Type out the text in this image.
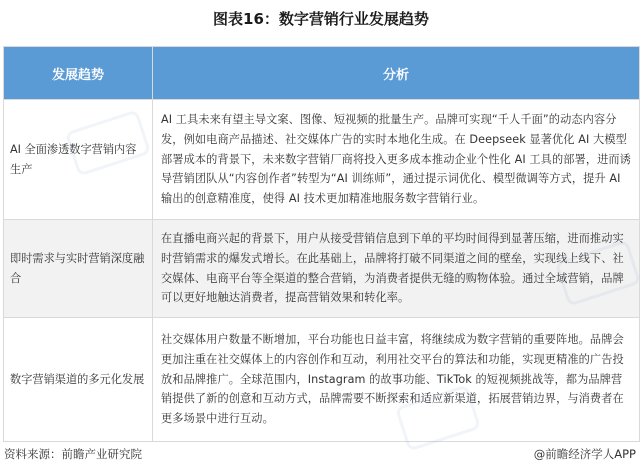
图表16：数字营销行业发展趋势
发展趋势	分析
AI 全面渗透数字营销内容生产	AI 工具未来有望主导文案、图像、短视频的批量生产。品牌可实现“千人千面”的动态内容分发，例如电商产品描述、社交媒体广告的实时本地化生成。在 Deepseek 显著优化 AI 大模型部署成本的背景下，未来数字营销厂商将投入更多成本推动企业个性化 AI 工具的部署，进而诱导营销团队从“内容创作者”转型为“AI 训练师”，通过提示词优化、模型微调等方式，提升 AI 输出的创意精准度，使得 AI 技术更加精准地服务数字营销行业。
即时需求与实时营销深度融合	在直播电商兴起的背景下，用户从接受营销信息到下单的平均时间得到显著压缩，进而推动实时营销需求的爆发式增长。在此基础上，品牌将打破不同渠道之间的壁垒，实现线上线下、社交媒体、电商平台等全渠道的整合营销，为消费者提供无缝的购物体验。通过全域营销，品牌可以更好地触达消费者，提高营销效果和转化率。
数字营销渠道的多元化发展	社交媒体用户数量不断增加，平台功能也日益丰富，将继续成为数字营销的重要阵地。品牌会更加注重在社交媒体上的内容创作和互动，利用社交平台的算法和功能，实现更精准的广告投放和品牌推广。全球范围内，Instagram 的故事功能、TikTok 的短视频挑战等，都为品牌营销提供了新的创意和互动方式，品牌需要不断探索和适应新渠道，拓展营销边界，与消费者在更多场景中进行互动。
资料来源：前瞻产业研究院	@前瞻经济学人APP
